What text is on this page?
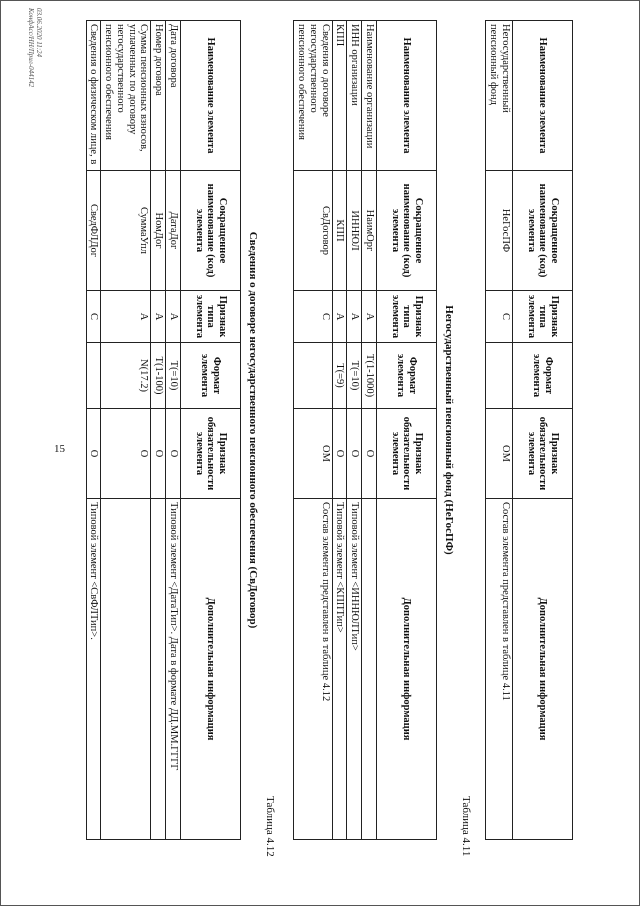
Наименование элемента	Сокращенное наименование (код) элемента	Признак типа элемента	Формат элемента	Признак обязательности элемента	Дополнительная информация
Негосударственный пенсионный фонд	НеГосПФ	С		ОМ	Состав элемента представлен в таблице 4.11
15
Таблица 4.11
Негосударственный пенсионный фонд (НеГосПФ)
Наименование элемента	Сокращенное наименование (код) элемента	Признак типа элемента	Формат элемента	Признак обязательности элемента	Дополнительная информация
Наименование организации	НаимОрг	А	Т(1-1000)	О	
ИНН организации	ИННЮЛ	А	Т(=10)	О	Типовой элемент <ИННЮЛТип>
КПП	КПП	А	Т(=9)	О	Типовой элемент <КППТип>
Сведения о договоре негосударственного пенсионного обеспечения	СвДоговор	С		ОМ	Состав элемента представлен в таблице 4.12
Таблица 4.12
Сведения о договоре негосударственного пенсионного обеспечения (СвДоговор)
Наименование элемента	Сокращенное наименование (код) элемента	Признак типа элемента	Формат элемента	Признак обязательности элемента	Дополнительная информация
Дата договора	ДатаДог	А	Т(=10)	О	Типовой элемент <ДатаТип>. Дата в формате ДД.ММ.ГГГГ
Номер договора	НомДог	А	Т(1-100)	О	
Сумма пенсионных взносов, уплаченных по договору негосударственного пенсионного обеспечения	СуммаУпл	А	N(17.2)	О	
Сведения о физическом лице, в	СведФЛДог	С		О	Типовой элемент <СвФЛТип>.
03.06.2020 11:24
КонфАсс/НН/Прил-044142
